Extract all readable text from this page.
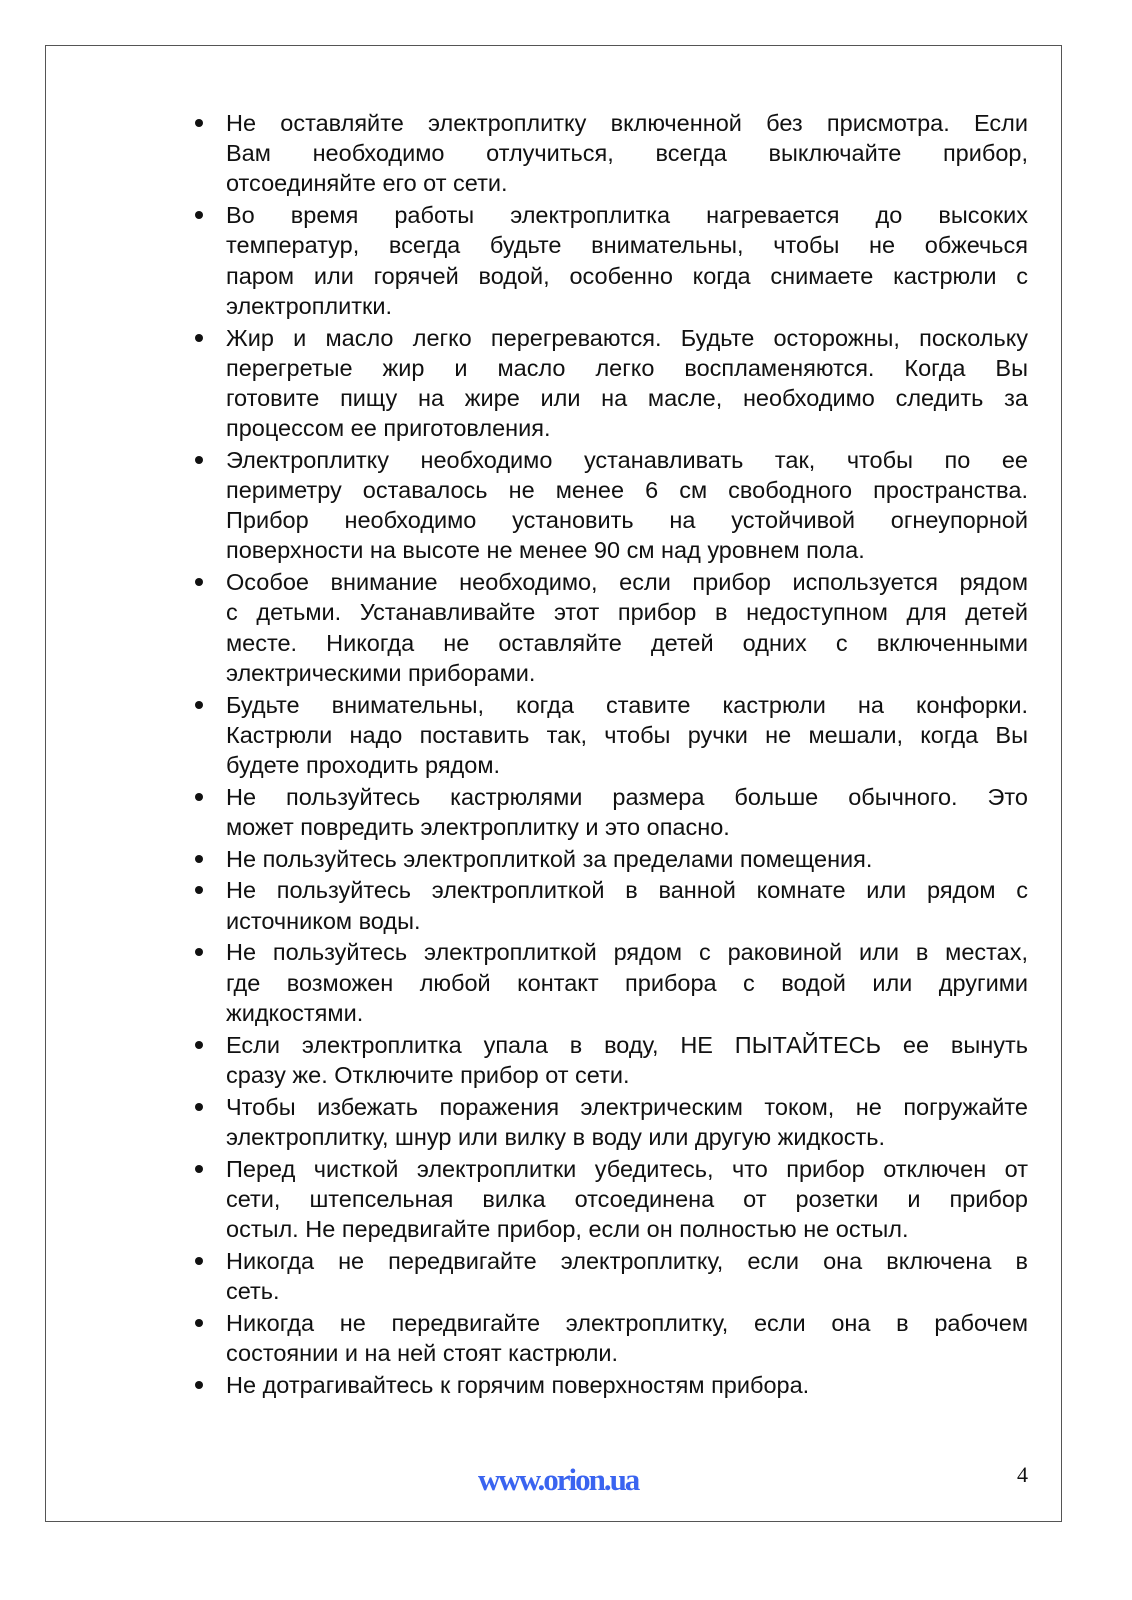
Не оставляйте электроплитку включенной без присмотра. Если
Вам необходимо отлучиться, всегда выключайте прибор,
отсоединяйте его от сети.
Во время работы электроплитка нагревается до высоких
температур, всегда будьте внимательны, чтобы не обжечься
паром или горячей водой, особенно когда снимаете кастрюли с
электроплитки.
Жир и масло легко перегреваются. Будьте осторожны, поскольку
перегретые жир и масло легко воспламеняются. Когда Вы
готовите пищу на жире или на масле, необходимо следить за
процессом ее приготовления.
Электроплитку необходимо устанавливать так, чтобы по ее
периметру оставалось не менее 6 см свободного пространства.
Прибор необходимо установить на устойчивой огнеупорной
поверхности на высоте не менее 90 см над уровнем пола.
Особое внимание необходимо, если прибор используется рядом
с детьми. Устанавливайте этот прибор в недоступном для детей
месте. Никогда не оставляйте детей одних с включенными
электрическими приборами.
Будьте внимательны, когда ставите кастрюли на конфорки.
Кастрюли надо поставить так, чтобы ручки не мешали, когда Вы
будете проходить рядом.
Не пользуйтесь кастрюлями размера больше обычного. Это
может повредить электроплитку и это опасно.
Не пользуйтесь электроплиткой за пределами помещения.
Не пользуйтесь электроплиткой в ванной комнате или рядом с
источником воды.
Не пользуйтесь электроплиткой рядом с раковиной или в местах,
где возможен любой контакт прибора с водой или другими
жидкостями.
Если электроплитка упала в воду, НЕ ПЫТАЙТЕСЬ ее вынуть
сразу же. Отключите прибор от сети.
Чтобы избежать поражения электрическим током, не погружайте
электроплитку, шнур или вилку в воду или другую жидкость.
Перед чисткой электроплитки убедитесь, что прибор отключен от
сети, штепсельная вилка отсоединена от розетки и прибор
остыл. Не передвигайте прибор, если он полностью не остыл.
Никогда не передвигайте электроплитку, если она включена в
сеть.
Никогда не передвигайте электроплитку, если она в рабочем
состоянии и на ней стоят кастрюли.
Не дотрагивайтесь к горячим поверхностям прибора.
www.orion.ua	4
